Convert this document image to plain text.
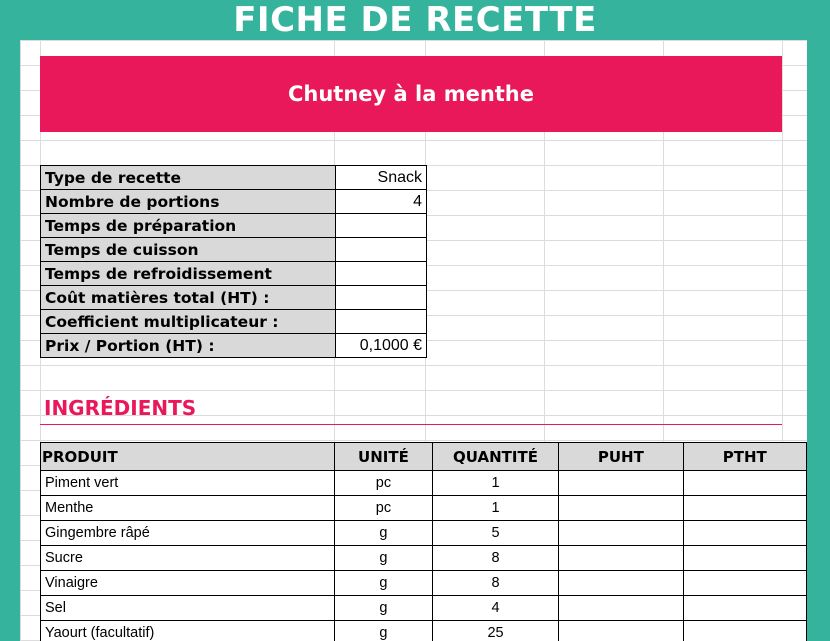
FICHE DE RECETTE
Chutney à la menthe
Type de recette	Snack
Nombre de portions	4
Temps de préparation	
Temps de cuisson	
Temps de refroidissement	
Coût matières total (HT) :	
Coefficient multiplicateur :	
Prix / Portion (HT) :	0,1000 €
INGRÉDIENTS
PRODUIT	UNITÉ	QUANTITÉ	PUHT	PTHT
Piment vert	pc	1		
Menthe	pc	1		
Gingembre râpé	g	5		
Sucre	g	8		
Vinaigre	g	8		
Sel	g	4		
Yaourt (facultatif)	g	25		
